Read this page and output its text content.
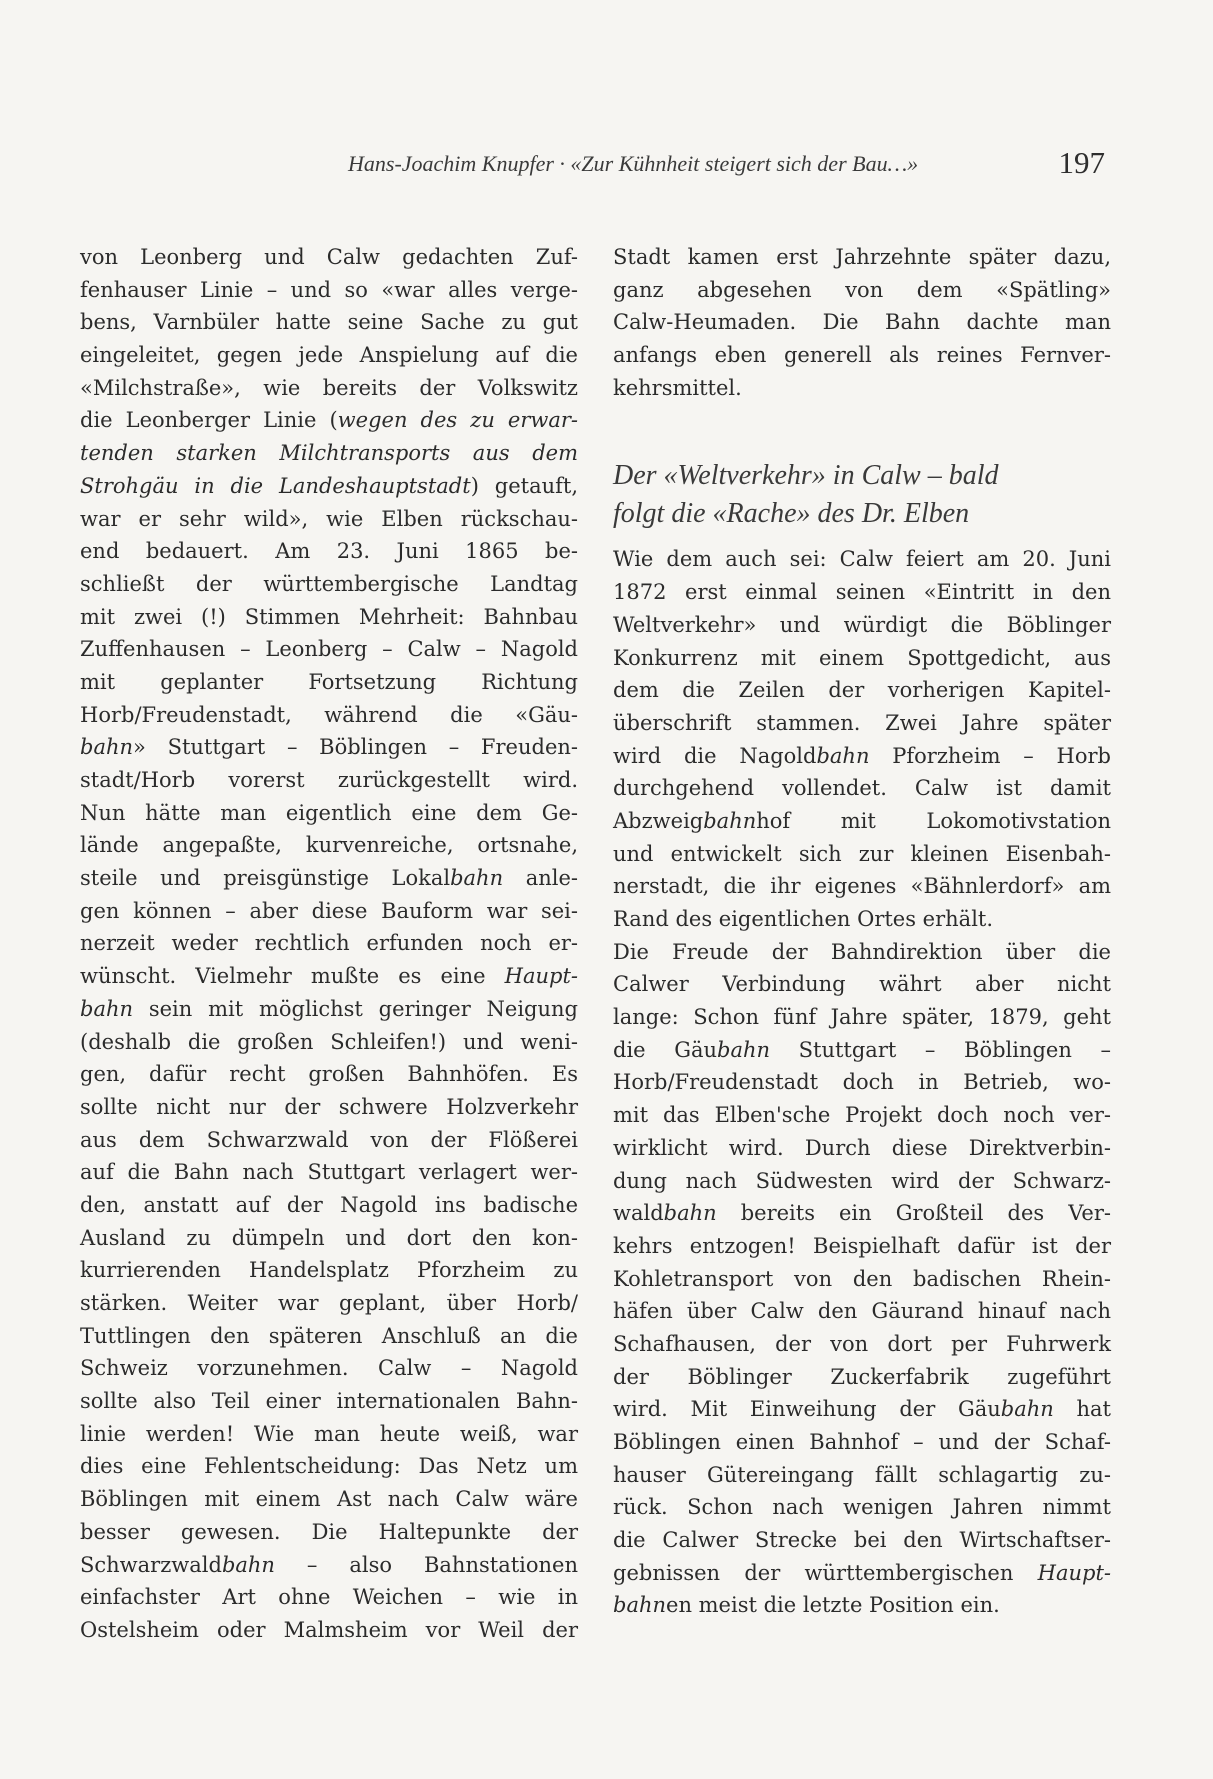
Hans-Joachim Knupfer · «Zur Kühnheit steigert sich der Bau…»	197
von Leonberg und Calw gedachten Zuf-
fenhauser Linie – und so «war alles verge-
bens, Varnbüler hatte seine Sache zu gut
eingeleitet, gegen jede Anspielung auf die
«Milchstraße», wie bereits der Volkswitz
die Leonberger Linie (wegen des zu erwar-
tenden starken Milchtransports aus dem
Strohgäu in die Landeshauptstadt) getauft,
war er sehr wild», wie Elben rückschau-
end bedauert. Am 23. Juni 1865 be-
schließt der württembergische Landtag
mit zwei (!) Stimmen Mehrheit: Bahnbau
Zuffenhausen – Leonberg – Calw – Nagold
mit geplanter Fortsetzung Richtung
Horb/Freudenstadt, während die «Gäu-
bahn» Stuttgart – Böblingen – Freuden-
stadt/Horb vorerst zurückgestellt wird.
Nun hätte man eigentlich eine dem Ge-
lände angepaßte, kurvenreiche, ortsnahe,
steile und preisgünstige Lokalbahn anle-
gen können – aber diese Bauform war sei-
nerzeit weder rechtlich erfunden noch er-
wünscht. Vielmehr mußte es eine Haupt-
bahn sein mit möglichst geringer Neigung
(deshalb die großen Schleifen!) und weni-
gen, dafür recht großen Bahnhöfen. Es
sollte nicht nur der schwere Holzverkehr
aus dem Schwarzwald von der Flößerei
auf die Bahn nach Stuttgart verlagert wer-
den, anstatt auf der Nagold ins badische
Ausland zu dümpeln und dort den kon-
kurrierenden Handelsplatz Pforzheim zu
stärken. Weiter war geplant, über Horb/
Tuttlingen den späteren Anschluß an die
Schweiz vorzunehmen. Calw – Nagold
sollte also Teil einer internationalen Bahn-
linie werden! Wie man heute weiß, war
dies eine Fehlentscheidung: Das Netz um
Böblingen mit einem Ast nach Calw wäre
besser gewesen. Die Haltepunkte der
Schwarzwaldbahn – also Bahnstationen
einfachster Art ohne Weichen – wie in
Ostelsheim oder Malmsheim vor Weil der
Stadt kamen erst Jahrzehnte später dazu,
ganz abgesehen von dem «Spätling»
Calw-Heumaden. Die Bahn dachte man
anfangs eben generell als reines Fernver-
kehrsmittel.
Der «Weltverkehr» in Calw – bald
folgt die «Rache» des Dr. Elben
Wie dem auch sei: Calw feiert am 20. Juni
1872 erst einmal seinen «Eintritt in den
Weltverkehr» und würdigt die Böblinger
Konkurrenz mit einem Spottgedicht, aus
dem die Zeilen der vorherigen Kapitel-
überschrift stammen. Zwei Jahre später
wird die Nagoldbahn Pforzheim – Horb
durchgehend vollendet. Calw ist damit
Abzweigbahnhof mit Lokomotivstation
und entwickelt sich zur kleinen Eisenbah-
nerstadt, die ihr eigenes «Bähnlerdorf» am
Rand des eigentlichen Ortes erhält.
Die Freude der Bahndirektion über die
Calwer Verbindung währt aber nicht
lange: Schon fünf Jahre später, 1879, geht
die Gäubahn Stuttgart – Böblingen –
Horb/Freudenstadt doch in Betrieb, wo-
mit das Elben'sche Projekt doch noch ver-
wirklicht wird. Durch diese Direktverbin-
dung nach Südwesten wird der Schwarz-
waldbahn bereits ein Großteil des Ver-
kehrs entzogen! Beispielhaft dafür ist der
Kohletransport von den badischen Rhein-
häfen über Calw den Gäurand hinauf nach
Schafhausen, der von dort per Fuhrwerk
der Böblinger Zuckerfabrik zugeführt
wird. Mit Einweihung der Gäubahn hat
Böblingen einen Bahnhof – und der Schaf-
hauser Gütereingang fällt schlagartig zu-
rück. Schon nach wenigen Jahren nimmt
die Calwer Strecke bei den Wirtschaftser-
gebnissen der württembergischen Haupt-
bahnen meist die letzte Position ein.
